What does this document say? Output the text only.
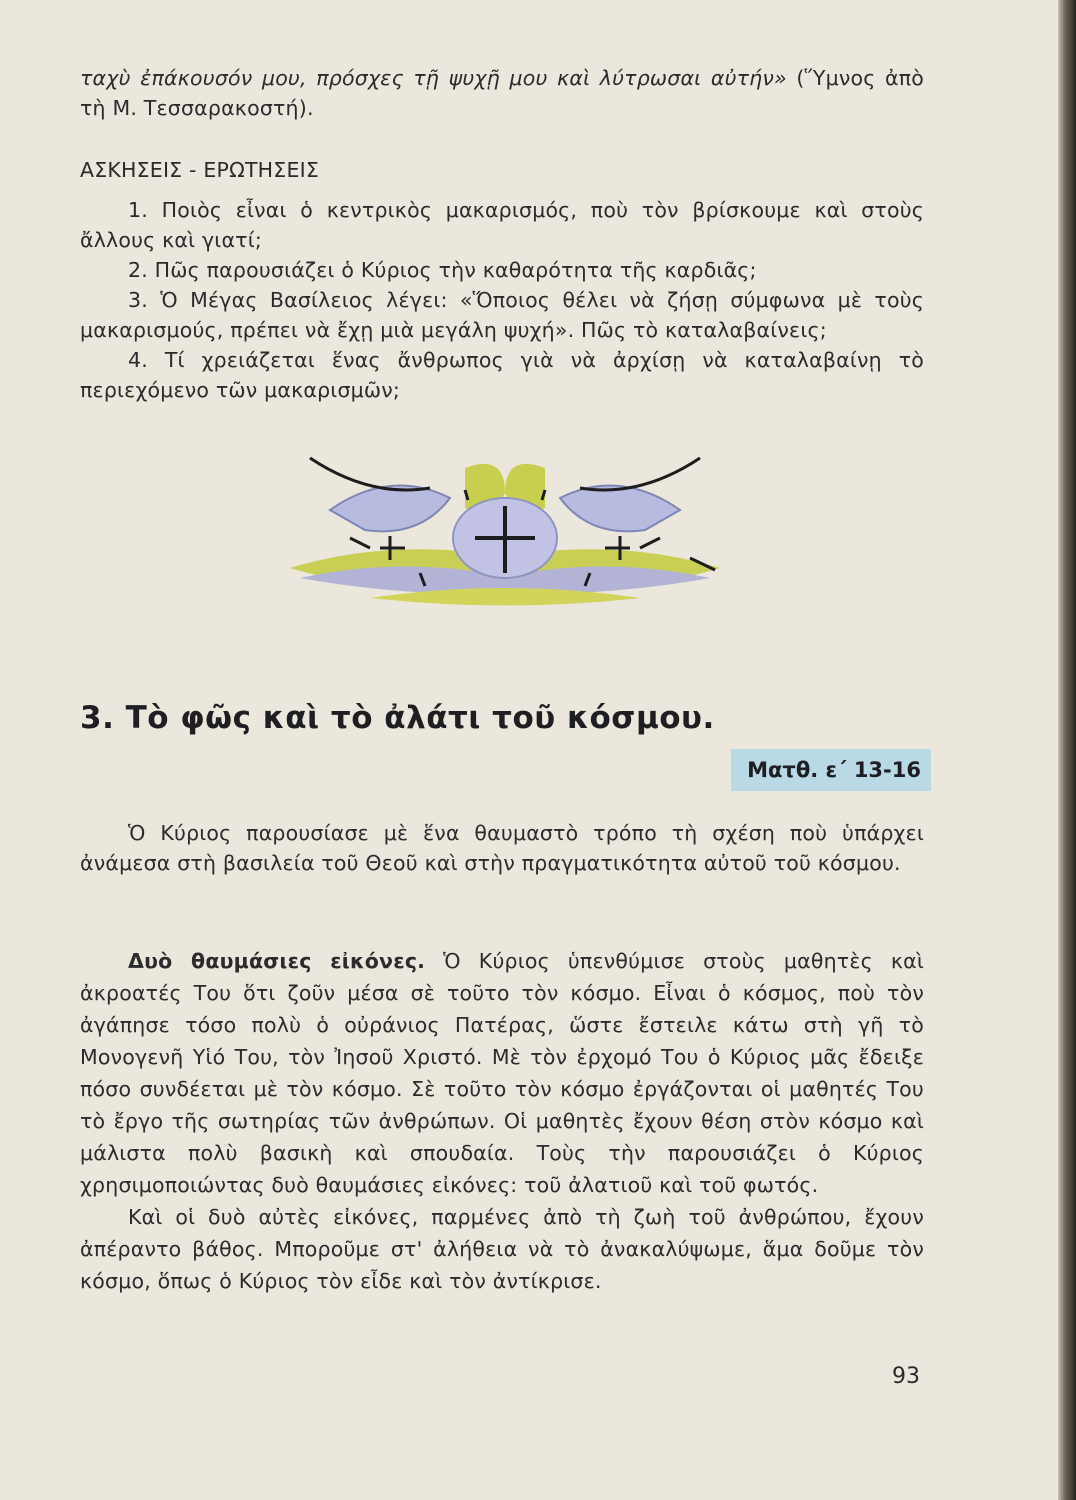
ταχὺ ἐπάκουσόν μου, πρόσχες τῇ ψυχῇ μου καὶ λύτρωσαι αὐτήν» (Ὕμνος ἀπὸ τὴ Μ. Τεσσαρακοστή).

ΑΣΚΗΣΕΙΣ - ΕΡΩΤΗΣΕΙΣ

1. Ποιὸς εἶναι ὁ κεντρικὸς μακαρισμός, ποὺ τὸν βρίσκουμε καὶ στοὺς ἄλλους καὶ γιατί;

2. Πῶς παρουσιάζει ὁ Κύριος τὴν καθαρότητα τῆς καρδιᾶς;

3. Ὁ Μέγας Βασίλειος λέγει: «Ὅποιος θέλει νὰ ζήσῃ σύμφωνα μὲ τοὺς μακαρισμούς, πρέπει νὰ ἔχῃ μιὰ μεγάλη ψυχή». Πῶς τὸ καταλαβαίνεις;

4. Τί χρειάζεται ἕνας ἄνθρωπος γιὰ νὰ ἀρχίσῃ νὰ καταλαβαίνῃ τὸ περιεχόμενο τῶν μακαρισμῶν;

3. Τὸ φῶς καὶ τὸ ἀλάτι τοῦ κόσμου.
Ματθ. ε΄ 13-16

Ὁ Κύριος παρουσίασε μὲ ἕνα θαυμαστὸ τρόπο τὴ σχέση ποὺ ὑπάρχει ἀνάμεσα στὴ βασιλεία τοῦ Θεοῦ καὶ στὴν πραγματικότητα αὐτοῦ τοῦ κόσμου.

Δυὸ θαυμάσιες εἰκόνες. Ὁ Κύριος ὑπενθύμισε στοὺς μαθητὲς καὶ ἀκροατές Του ὅτι ζοῦν μέσα σὲ τοῦτο τὸν κόσμο. Εἶναι ὁ κόσμος, ποὺ τὸν ἀγάπησε τόσο πολὺ ὁ οὐράνιος Πατέρας, ὥστε ἔστειλε κάτω στὴ γῆ τὸ Μονογενῆ Υἱό Του, τὸν Ἰησοῦ Χριστό. Μὲ τὸν ἐρχομό Του ὁ Κύριος μᾶς ἔδειξε πόσο συνδέεται μὲ τὸν κόσμο. Σὲ τοῦτο τὸν κόσμο ἐργάζονται οἱ μαθητές Του τὸ ἔργο τῆς σωτηρίας τῶν ἀνθρώπων. Οἱ μαθητὲς ἔχουν θέση στὸν κόσμο καὶ μάλιστα πολὺ βασικὴ καὶ σπουδαία. Τοὺς τὴν παρουσιάζει ὁ Κύριος χρησιμοποιώντας δυὸ θαυμάσιες εἰκόνες: τοῦ ἀλατιοῦ καὶ τοῦ φωτός.

Καὶ οἱ δυὸ αὐτὲς εἰκόνες, παρμένες ἀπὸ τὴ ζωὴ τοῦ ἀνθρώπου, ἔχουν ἀπέραντο βάθος. Μποροῦμε στ' ἀλήθεια νὰ τὸ ἀνακαλύψωμε, ἅμα δοῦμε τὸν κόσμο, ὅπως ὁ Κύριος τὸν εἶδε καὶ τὸν ἀντίκρισε.

93
